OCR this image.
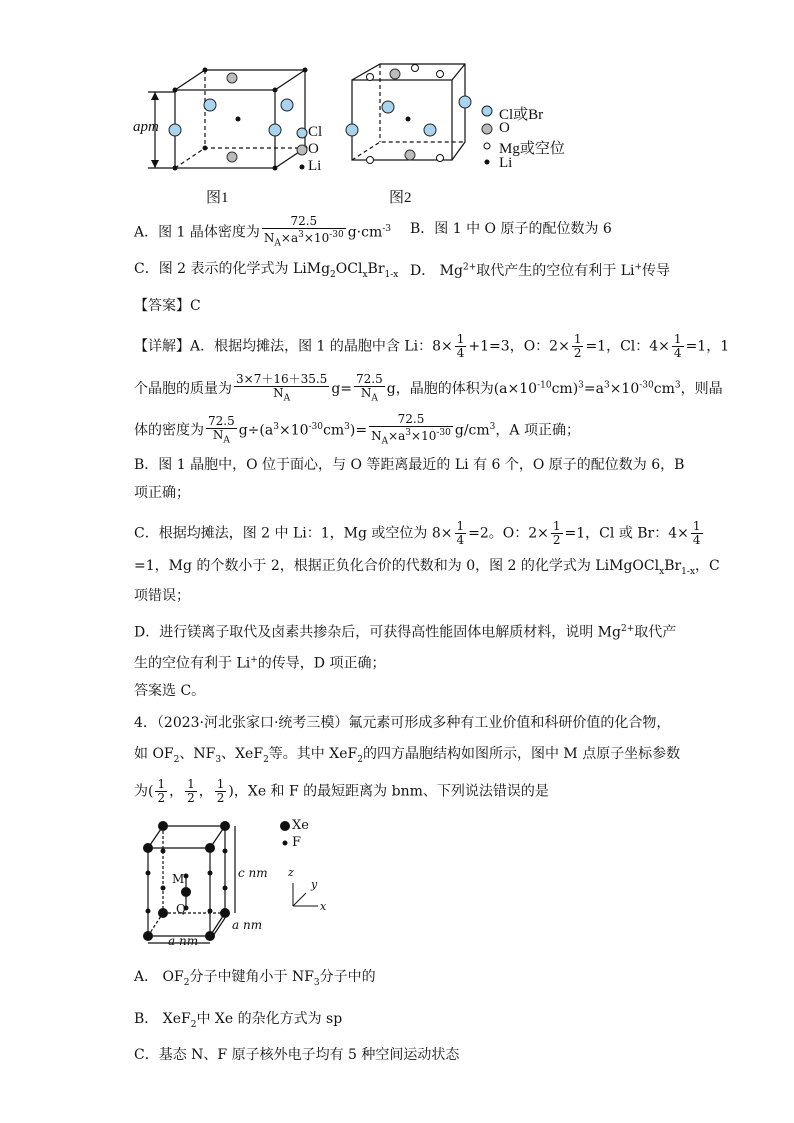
apm	Cl
O
Li
图1
Cl或Br
O
Mg或空位
Li
图2
A．图 1 晶体密度为 $\frac{72.5}{N_A\times a^3\times 10^{-30}} g\cdot cm^{-3}$ B．图 1 中 O 原子的配位数为 6
C．图 2 表示的化学式为 $LiMg_2OCl_xBr_{1-x}$ D． $Mg^{2+}$取代产生的空位有利于 Li+传导
【答案】C
【详解】A．根据均摊法，图 1 的晶胞中含 Li：$8\times \frac{1}{4} +1=3$，O：$2\times \frac{1}{2} =1$，Cl：$4\times \frac{1}{4} =1$，1
个晶胞的质量为 $\frac{3\times 7+16+35.5}{N_A} g= \frac{72.5}{N_A}$ g，晶胞的体积为$(a\times 10^{-10}cm)^3=a^3\times 10^{-30}cm^3$，则晶
体的密度为 $\frac{72.5}{N_A} g\div(a^3\times 10^{-30}cm^3)= \frac{72.5}{N_A\times a^3\times 10^{-30}} g/cm^3$，A 项正确；
B．图 1 晶胞中，O 位于面心，与 O 等距离最近的 Li 有 6 个，O 原子的配位数为 6，B
项正确；
C．根据均摊法，图 2 中 Li：1，Mg 或空位为 $8\times \frac{1}{4} =2$。O：$2\times \frac{1}{2} =1$，Cl 或 Br：$4\times \frac{1}{4}$
=1，Mg 的个数小于 2，根据正负化合价的代数和为 0，图 2 的化学式为 $LiMgOCl_xBr_{1-x}$，C
项错误；
D．进行镁离子取代及卤素共掺杂后，可获得高性能固体电解质材料，说明 $Mg^{2+}$取代产
生的空位有利于 Li+的传导，D 项正确；
答案选 C。
4．（2023·河北张家口·统考三模）氟元素可形成多种有工业价值和科研价值的化合物，
如 $OF_2$、$NF_3$、XeF$_2$等。其中 XeF$_2$的四方晶胞结构如图所示，图中 M 点原子坐标参数
为( $\frac{1}{2}$ ， $\frac{1}{2}$ ， $\frac{1}{2}$ )，Xe 和 F 的最短距离为 bnm、下列说法错误的是
Xe
F
M
Q
c nm
a nm
a nm
z
y
x
A． $OF_2$分子中键角小于 $NF_3$分子中的
B． XeF$_2$中 Xe 的杂化方式为 sp
C．基态 N、F 原子核外电子均有 5 种空间运动状态
